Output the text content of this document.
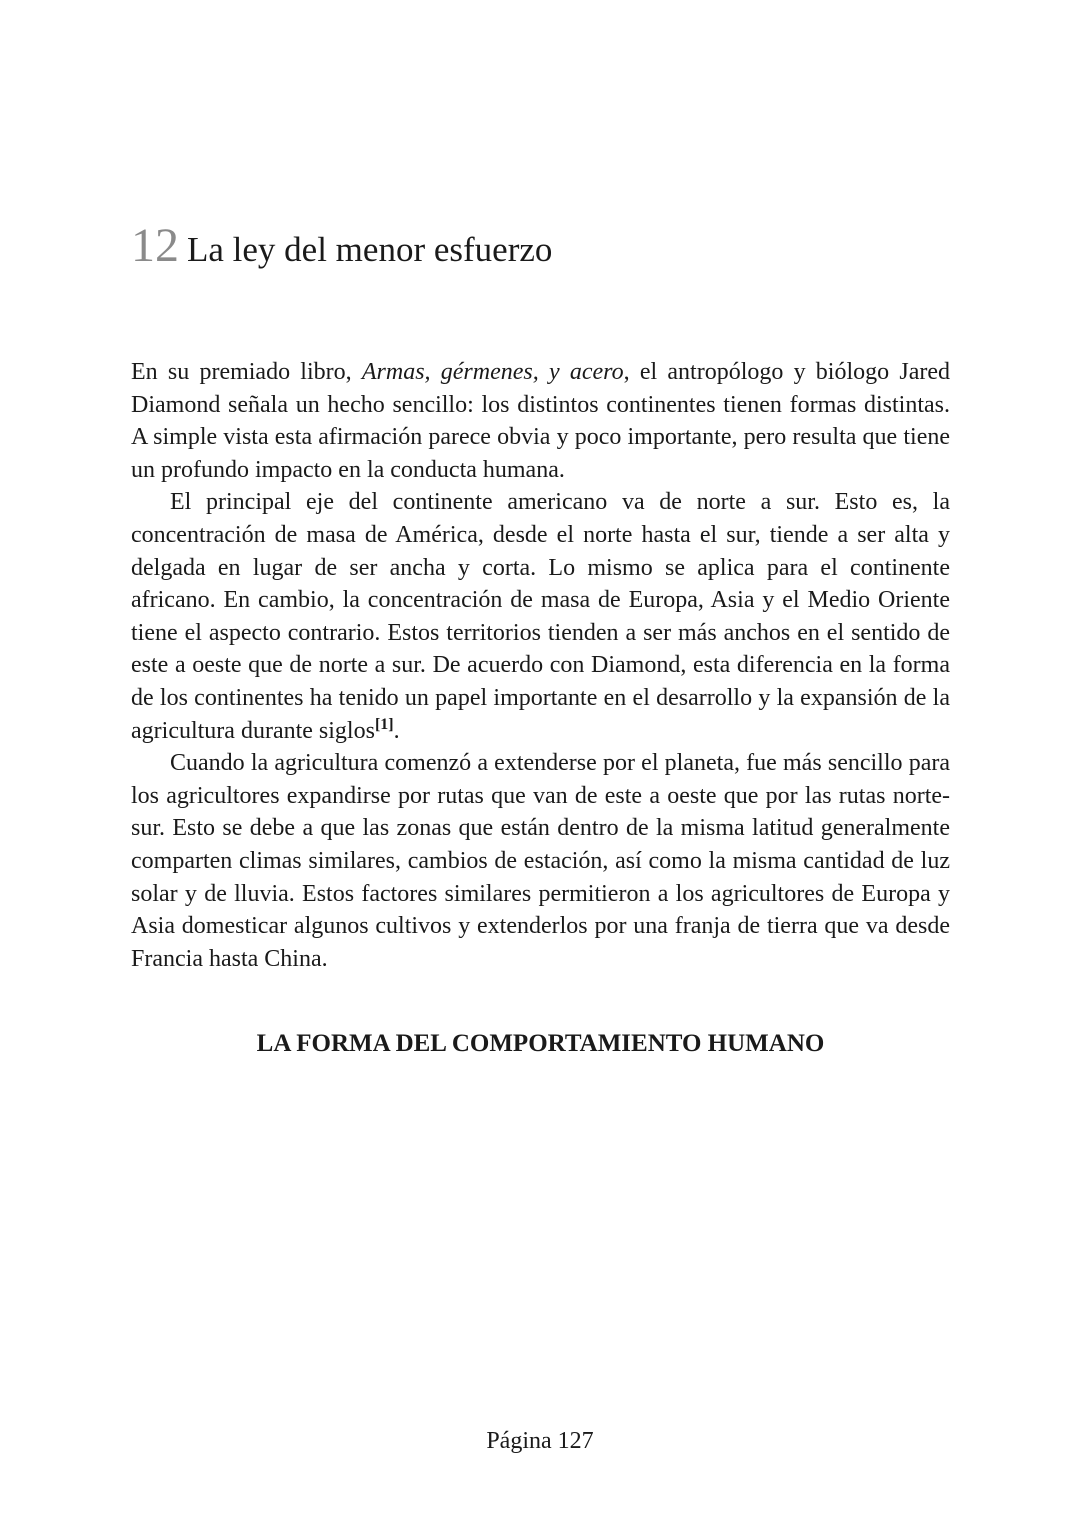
12 La ley del menor esfuerzo

En su premiado libro, Armas, gérmenes, y acero, el antropólogo y biólogo Jared Diamond señala un hecho sencillo: los distintos continentes tienen formas distintas. A simple vista esta afirmación parece obvia y poco importante, pero resulta que tiene un profundo impacto en la conducta humana.

El principal eje del continente americano va de norte a sur. Esto es, la concentración de masa de América, desde el norte hasta el sur, tiende a ser alta y delgada en lugar de ser ancha y corta. Lo mismo se aplica para el continente africano. En cambio, la concentración de masa de Europa, Asia y el Medio Oriente tiene el aspecto contrario. Estos territorios tienden a ser más anchos en el sentido de este a oeste que de norte a sur. De acuerdo con Diamond, esta diferencia en la forma de los continentes ha tenido un papel importante en el desarrollo y la expansión de la agricultura durante siglos[1].

Cuando la agricultura comenzó a extenderse por el planeta, fue más sencillo para los agricultores expandirse por rutas que van de este a oeste que por las rutas norte-sur. Esto se debe a que las zonas que están dentro de la misma latitud generalmente comparten climas similares, cambios de estación, así como la misma cantidad de luz solar y de lluvia. Estos factores similares permitieron a los agricultores de Europa y Asia domesticar algunos cultivos y extenderlos por una franja de tierra que va desde Francia hasta China.

LA FORMA DEL COMPORTAMIENTO HUMANO
Página 127
